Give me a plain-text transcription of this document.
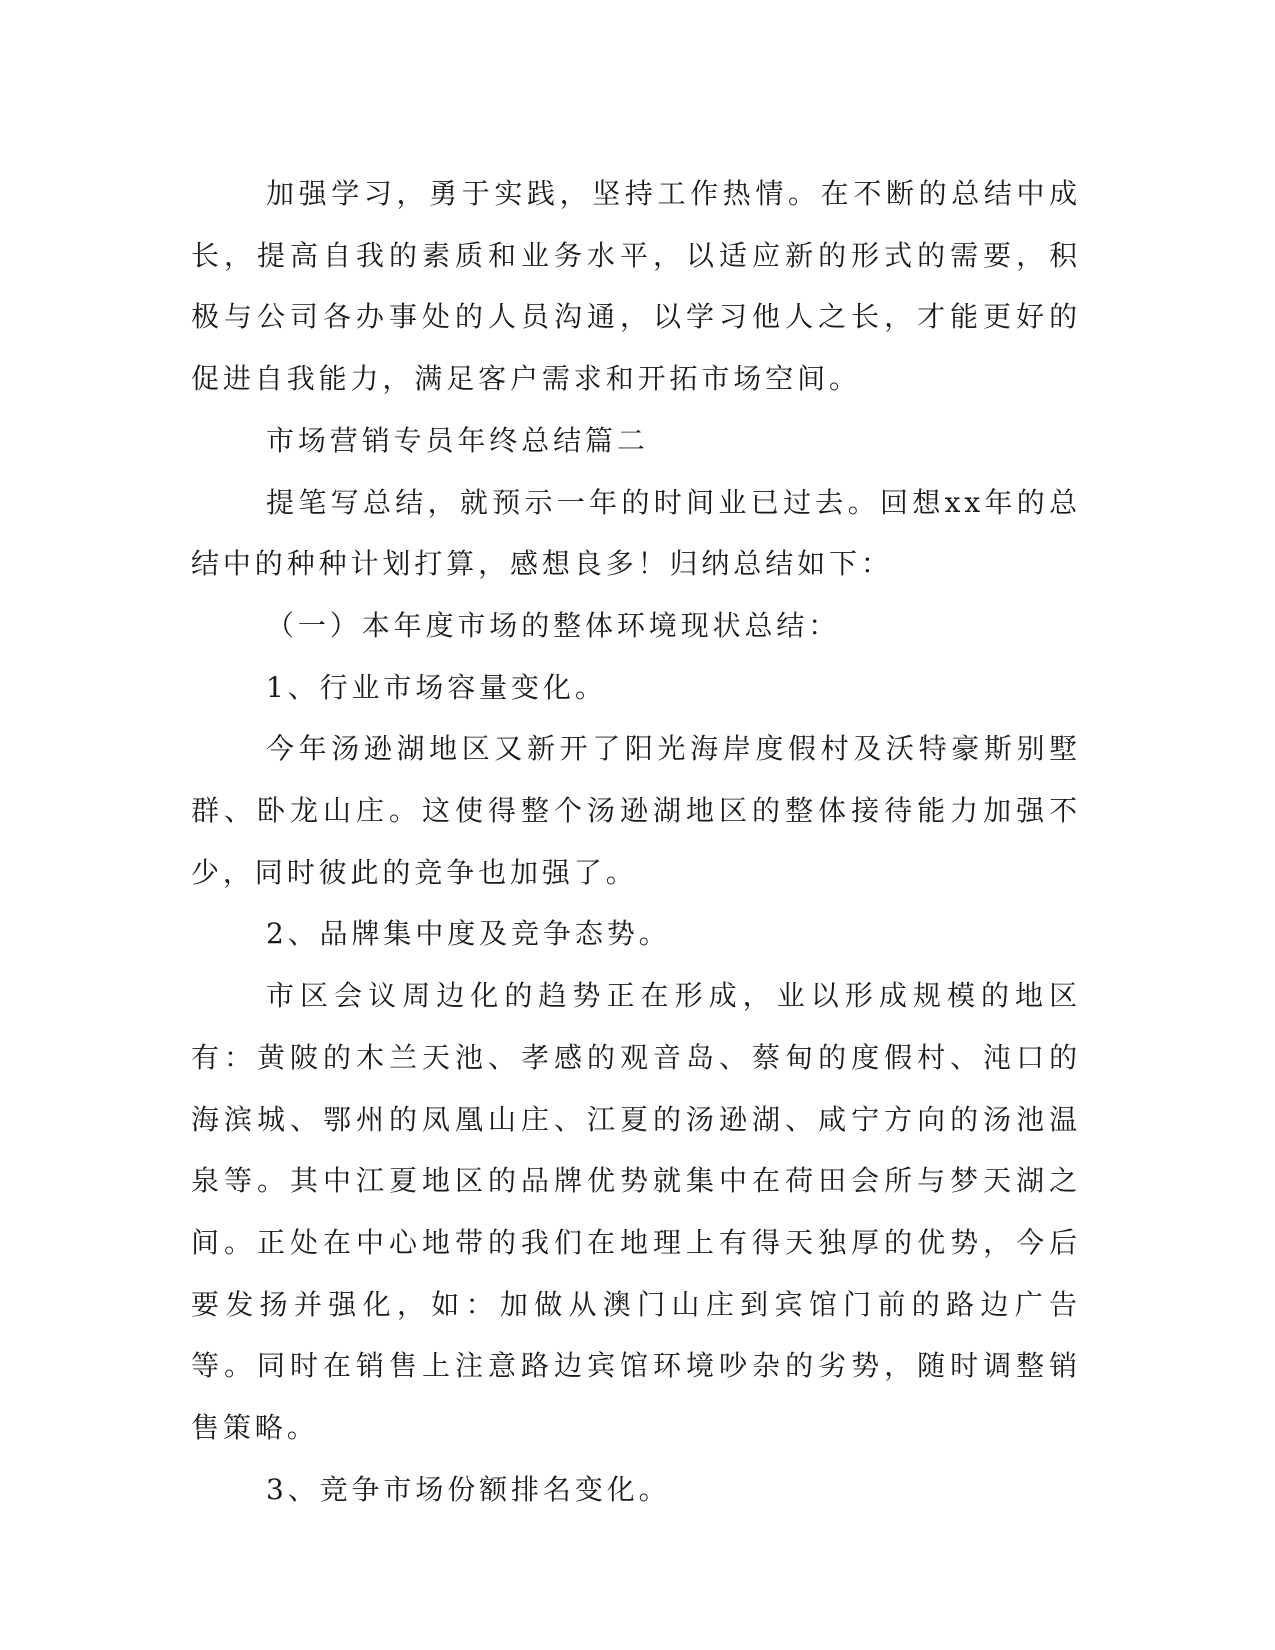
加强学习，勇于实践，坚持工作热情。在不断的总结中成长，提高自我的素质和业务水平，以适应新的形式的需要，积极与公司各办事处的人员沟通，以学习他人之长，才能更好的促进自我能力，满足客户需求和开拓市场空间。

市场营销专员年终总结篇二

提笔写总结，就预示一年的时间业已过去。回想xx年的总结中的种种计划打算，感想良多！归纳总结如下：

（一）本年度市场的整体环境现状总结：

1、行业市场容量变化。

今年汤逊湖地区又新开了阳光海岸度假村及沃特豪斯别墅群、卧龙山庄。这使得整个汤逊湖地区的整体接待能力加强不少，同时彼此的竞争也加强了。

2、品牌集中度及竞争态势。

市区会议周边化的趋势正在形成，业以形成规模的地区有：黄陂的木兰天池、孝感的观音岛、蔡甸的度假村、沌口的海滨城、鄂州的凤凰山庄、江夏的汤逊湖、咸宁方向的汤池温泉等。其中江夏地区的品牌优势就集中在荷田会所与梦天湖之间。正处在中心地带的我们在地理上有得天独厚的优势，今后要发扬并强化，如：加做从澳门山庄到宾馆门前的路边广告等。同时在销售上注意路边宾馆环境吵杂的劣势，随时调整销售策略。

3、竞争市场份额排名变化。
